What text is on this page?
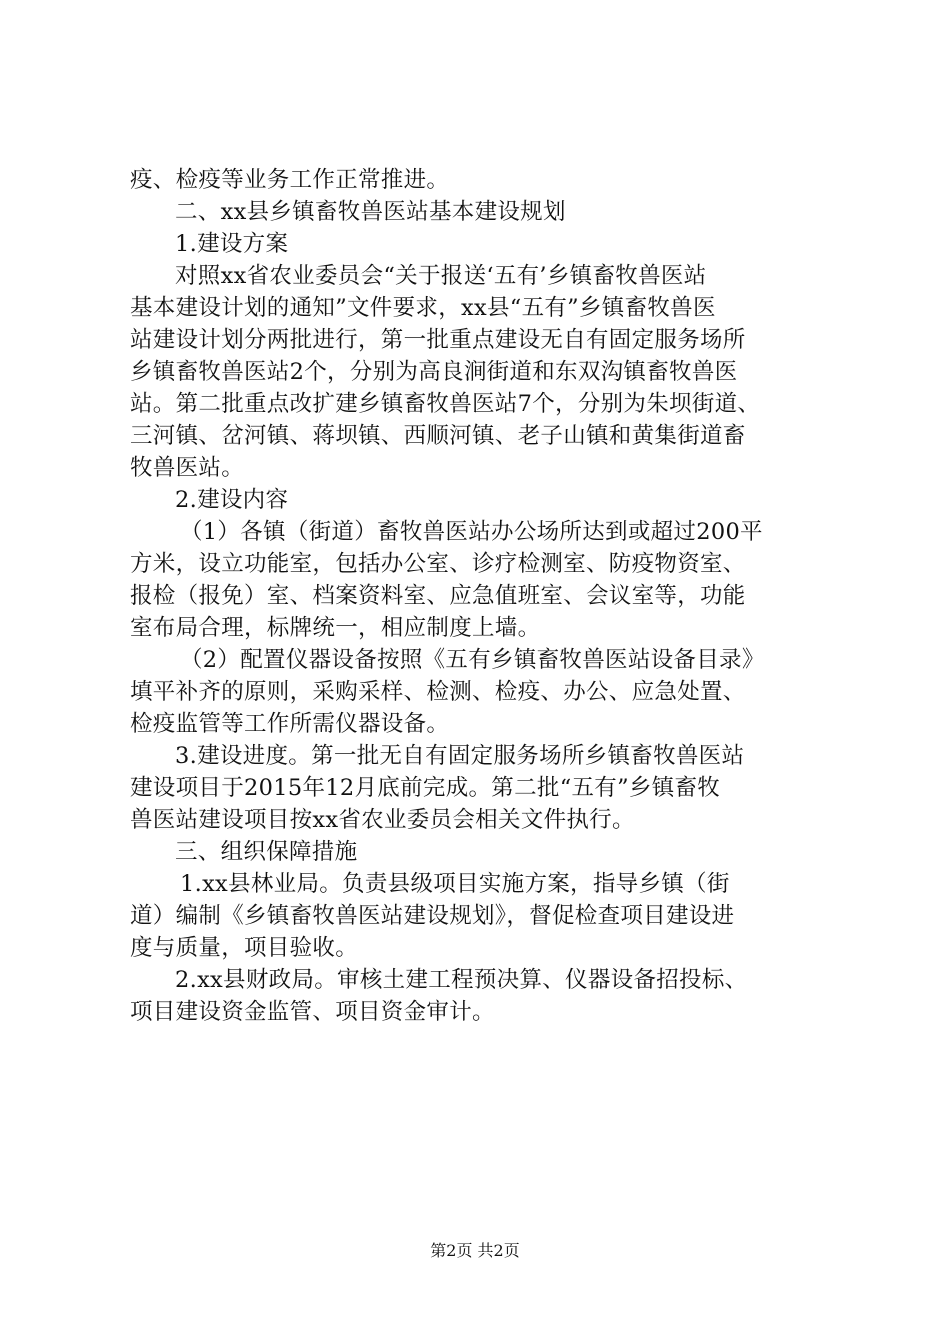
疫、检疫等业务工作正常推进。
二、xx县乡镇畜牧兽医站基本建设规划
1.建设方案
对照xx省农业委员会“关于报送‘五有’乡镇畜牧兽医站
基本建设计划的通知”文件要求，xx县“五有”乡镇畜牧兽医
站建设计划分两批进行，第一批重点建设无自有固定服务场所
乡镇畜牧兽医站2个，分别为高良涧街道和东双沟镇畜牧兽医
站。第二批重点改扩建乡镇畜牧兽医站7个，分别为朱坝街道、
三河镇、岔河镇、蒋坝镇、西顺河镇、老子山镇和黄集街道畜
牧兽医站。
2.建设内容
（1）各镇（街道）畜牧兽医站办公场所达到或超过200平
方米，设立功能室，包括办公室、诊疗检测室、防疫物资室、
报检（报免）室、档案资料室、应急值班室、会议室等，功能
室布局合理，标牌统一，相应制度上墙。
（2）配置仪器设备按照《五有乡镇畜牧兽医站设备目录》
填平补齐的原则，采购采样、检测、检疫、办公、应急处置、
检疫监管等工作所需仪器设备。
3.建设进度。第一批无自有固定服务场所乡镇畜牧兽医站
建设项目于2015年12月底前完成。第二批“五有”乡镇畜牧
兽医站建设项目按xx省农业委员会相关文件执行。
三、组织保障措施
1.xx县林业局。负责县级项目实施方案，指导乡镇（街
道）编制《乡镇畜牧兽医站建设规划》，督促检查项目建设进
度与质量，项目验收。
2.xx县财政局。审核土建工程预决算、仪器设备招投标、
项目建设资金监管、项目资金审计。
第2页 共2页
